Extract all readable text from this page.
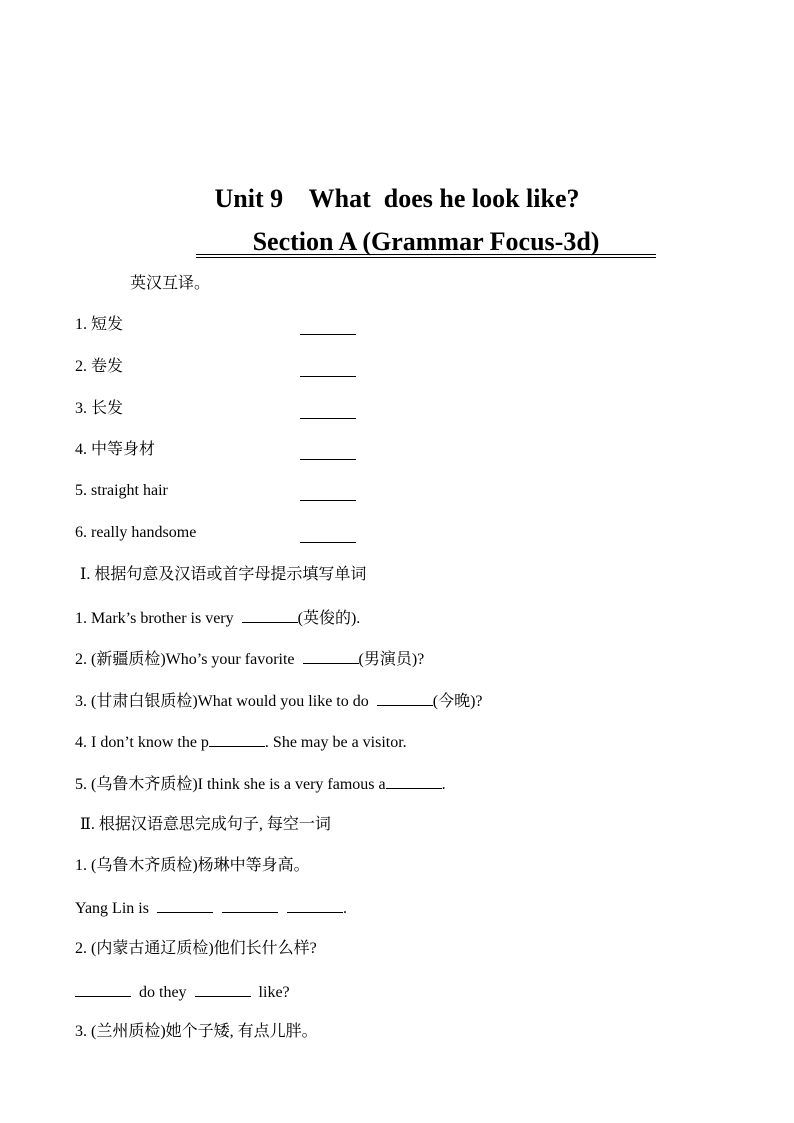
Unit 9    What  does he look like?
Section A (Grammar Focus-3d)
英汉互译。
1. 短发
2. 卷发
3. 长发
4. 中等身材
5. straight hair
6. really handsome
Ⅰ. 根据句意及汉语或首字母提示填写单词
1. Mark’s brother is very	(英俊的).
2. (新疆质检)Who’s your favorite	(男演员)?
3. (甘肃白银质检)What would you like to do	(今晚)?
4. I don’t know the p	. She may be a visitor.
5. (乌鲁木齐质检)I think she is a very famous a	.
Ⅱ. 根据汉语意思完成句子, 每空一词
1. (乌鲁木齐质检)杨琳中等身高。
Yang Lin is	.
2. (内蒙古通辽质检)他们长什么样?
do they	like?
3. (兰州质检)她个子矮, 有点儿胖。
